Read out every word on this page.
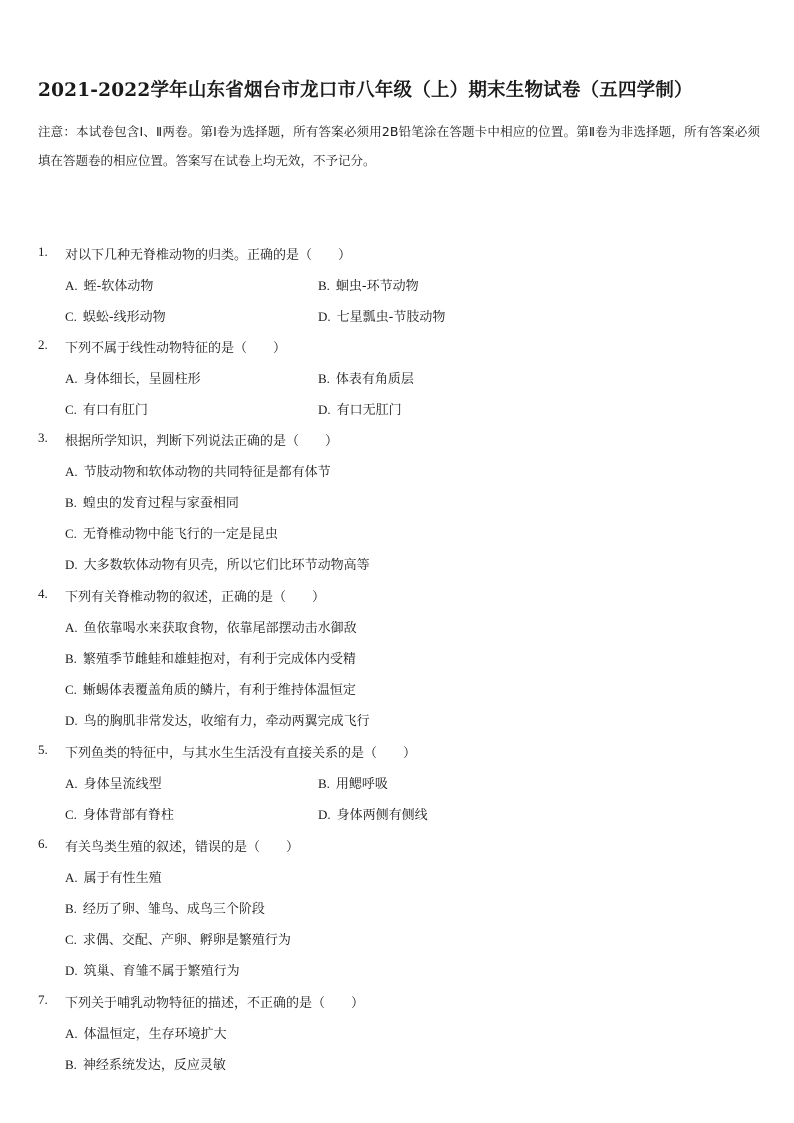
2021-2022学年山东省烟台市龙口市八年级（上）期末生物试卷（五四学制）
注意：本试卷包含Ⅰ、Ⅱ两卷。第Ⅰ卷为选择题，所有答案必须用2B铅笔涂在答题卡中相应的位置。第Ⅱ卷为非选择题，所有答案必须填在答题卷的相应位置。答案写在试卷上均无效，不予记分。
1. 对以下几种无脊椎动物的归类。正确的是（　　）
A. 蛭-软体动物	B. 蛔虫-环节动物
C. 蜈蚣-线形动物	D. 七星瓢虫-节肢动物
2. 下列不属于线性动物特征的是（　　）
A. 身体细长，呈圆柱形	B. 体表有角质层
C. 有口有肛门	D. 有口无肛门
3. 根据所学知识，判断下列说法正确的是（　　）
A. 节肢动物和软体动物的共同特征是都有体节
B. 蝗虫的发育过程与家蚕相同
C. 无脊椎动物中能飞行的一定是昆虫
D. 大多数软体动物有贝壳，所以它们比环节动物高等
4. 下列有关脊椎动物的叙述，正确的是（　　）
A. 鱼依靠喝水来获取食物，依靠尾部摆动击水御敌
B. 繁殖季节雌蛙和雄蛙抱对，有利于完成体内受精
C. 蜥蜴体表覆盖角质的鳞片，有利于维持体温恒定
D. 鸟的胸肌非常发达，收缩有力，牵动两翼完成飞行
5. 下列鱼类的特征中，与其水生生活没有直接关系的是（　　）
A. 身体呈流线型	B. 用鳃呼吸
C. 身体背部有脊柱	D. 身体两侧有侧线
6. 有关鸟类生殖的叙述，错误的是（　　）
A. 属于有性生殖
B. 经历了卵、雏鸟、成鸟三个阶段
C. 求偶、交配、产卵、孵卵是繁殖行为
D. 筑巢、育雏不属于繁殖行为
7. 下列关于哺乳动物特征的描述，不正确的是（　　）
A. 体温恒定，生存环境扩大
B. 神经系统发达，反应灵敏
